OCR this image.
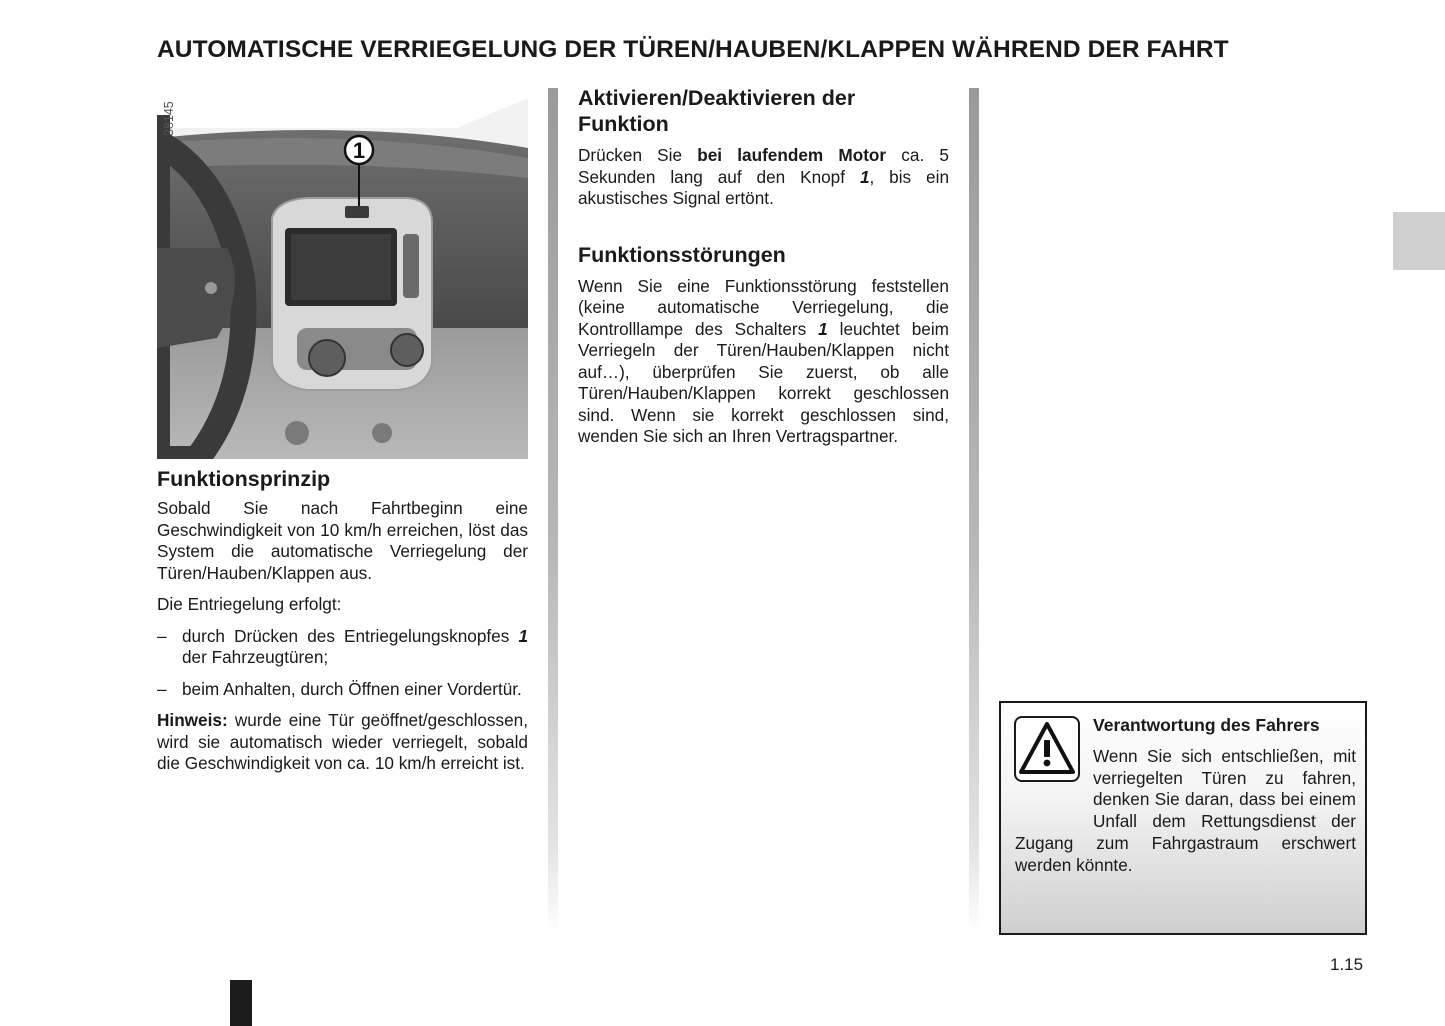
AUTOMATISCHE VERRIEGELUNG DER TÜREN/HAUBEN/KLAPPEN WÄHREND DER FAHRT
1
38145
Funktionsprinzip

Sobald Sie nach Fahrtbeginn eine Geschwindigkeit von 10 km/h erreichen, löst das System die automatische Verriegelung der Türen/Hauben/Klappen aus.

Die Entriegelung erfolgt:

– durch Drücken des Entriegelungsknopfes 1 der Fahrzeugtüren;

– beim Anhalten, durch Öffnen einer Vordertür.

Hinweis: wurde eine Tür geöffnet/geschlossen, wird sie automatisch wieder verriegelt, sobald die Geschwindigkeit von ca. 10 km/h erreicht ist.

Aktivieren/Deaktivieren der Funktion

Drücken Sie bei laufendem Motor ca. 5 Sekunden lang auf den Knopf 1, bis ein akustisches Signal ertönt.

Funktionsstörungen

Wenn Sie eine Funktionsstörung feststellen (keine automatische Verriegelung, die Kontrolllampe des Schalters 1 leuchtet beim Verriegeln der Türen/Hauben/Klappen nicht auf…), überprüfen Sie zuerst, ob alle Türen/Hauben/Klappen korrekt geschlossen sind. Wenn sie korrekt geschlossen sind, wenden Sie sich an Ihren Vertragspartner.

Verantwortung des Fahrers
Wenn Sie sich entschließen, mit verriegelten Türen zu fahren, denken Sie daran, dass bei einem Unfall dem Rettungsdienst der Zugang zum Fahrgastraum erschwert werden könnte.
1.15
